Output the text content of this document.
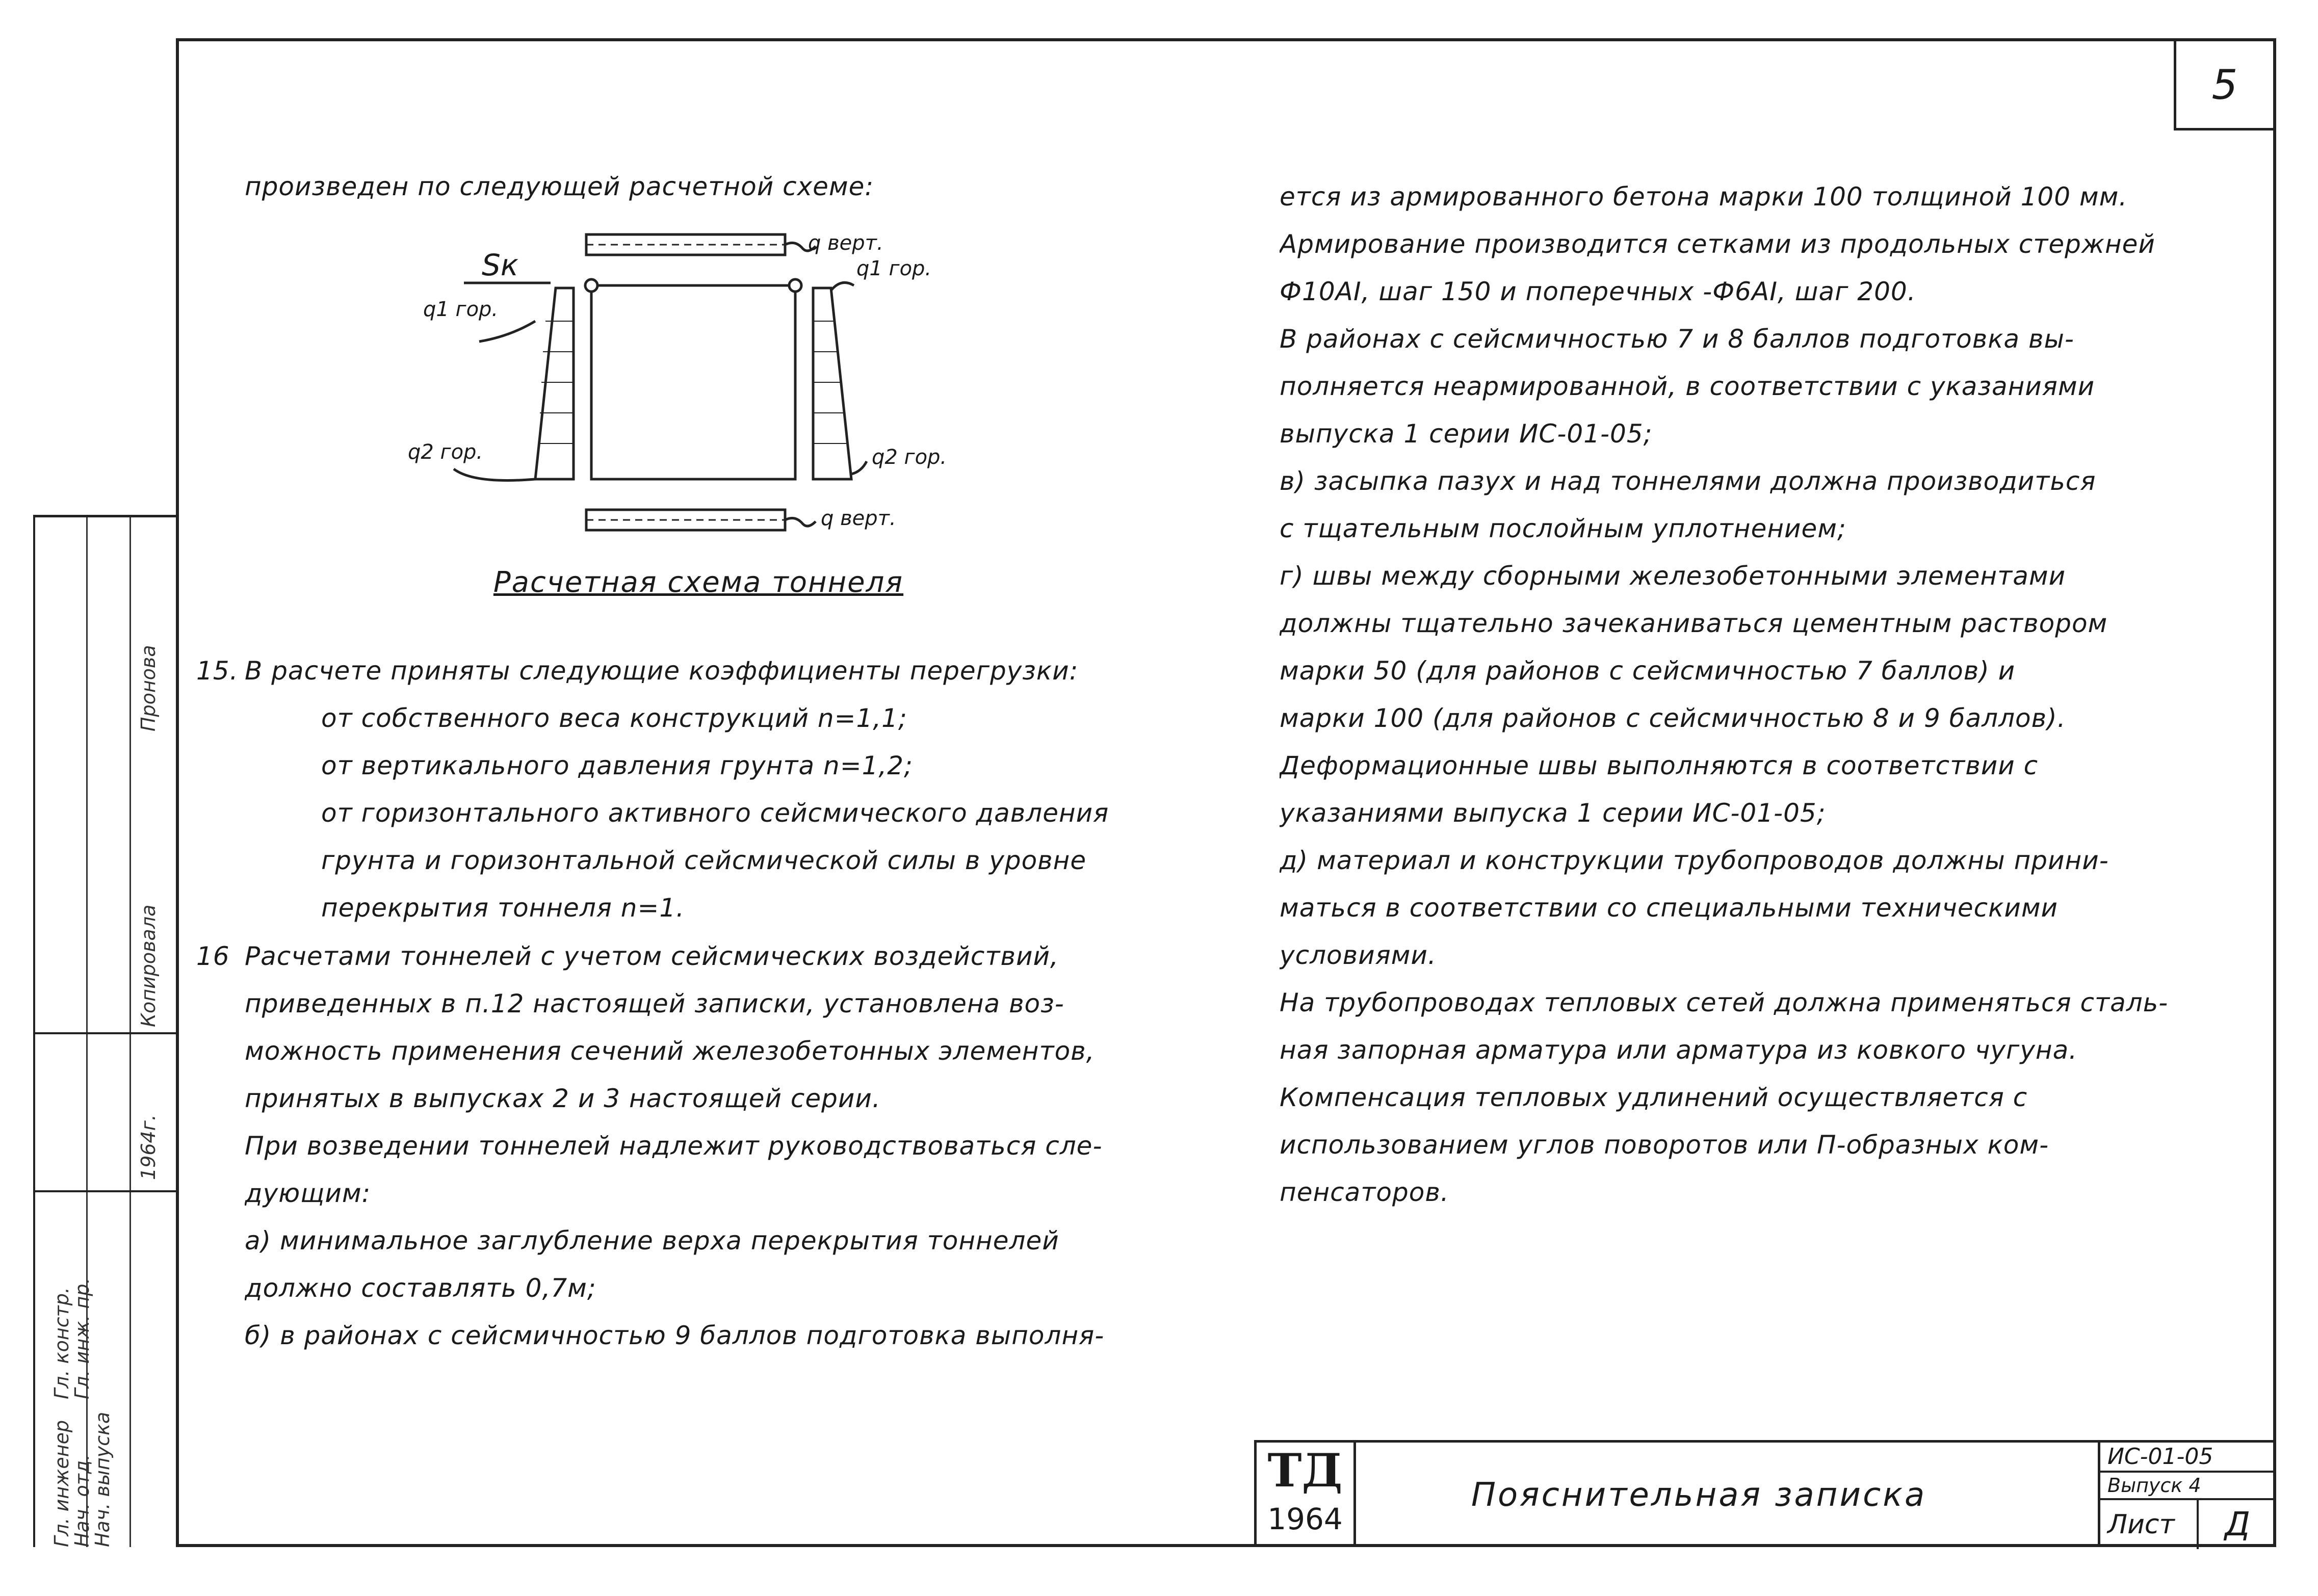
5
произведен по следующей расчетной схеме:
Sк
q верт.
q1 гор.
q1 гор.
q2 гор.	q2 гор.
q верт.
Расчетная схема тоннеля
15. В расчете приняты следующие коэффициенты перегрузки:
от собственного веса конструкций n=1,1;
от вертикального давления грунта n=1,2;
от горизонтального активного сейсмического давления
грунта и горизонтальной сейсмической силы в уровне
перекрытия тоннеля n=1.
16 Расчетами тоннелей с учетом сейсмических воздействий,
приведенных в п.12 настоящей записки, установлена воз-
можность применения сечений железобетонных элементов,
принятых в выпусках 2 и 3 настоящей серии.
При возведении тоннелей надлежит руководствоваться сле-
дующим:
а) минимальное заглубление верха перекрытия тоннелей
должно составлять 0,7м;
б) в районах с сейсмичностью 9 баллов подготовка выполня-
ется из армированного бетона марки 100 толщиной 100 мм.
Армирование производится сетками из продольных стержней
Ф10AI, шаг 150 и поперечных -Ф6AI, шаг 200.
В районах с сейсмичностью 7 и 8 баллов подготовка вы-
полняется неармированной, в соответствии с указаниями
выпуска 1 серии ИС-01-05;
в) засыпка пазух и над тоннелями должна производиться
с тщательным послойным уплотнением;
г) швы между сборными железобетонными элементами
должны тщательно зачеканиваться цементным раствором
марки 50 (для районов с сейсмичностью 7 баллов) и
марки 100 (для районов с сейсмичностью 8 и 9 баллов).
Деформационные швы выполняются в соответствии с
указаниями выпуска 1 серии ИС-01-05;
д) материал и конструкции трубопроводов должны прини-
маться в соответствии со специальными техническими
условиями.
На трубопроводах тепловых сетей должна применяться сталь-
ная запорная арматура или арматура из ковкого чугуна.
Компенсация тепловых удлинений осуществляется с
использованием углов поворотов или П-образных ком-
пенсаторов.
ТД
1964
Пояснительная записка
ИС-01-05
Выпуск 4
Лист	Д
Гл. инженер
Гл. констр.
Нач. отд.
Гл. инж. пр.
Нач. выпуска
Копировала
Пронова
1964г.
